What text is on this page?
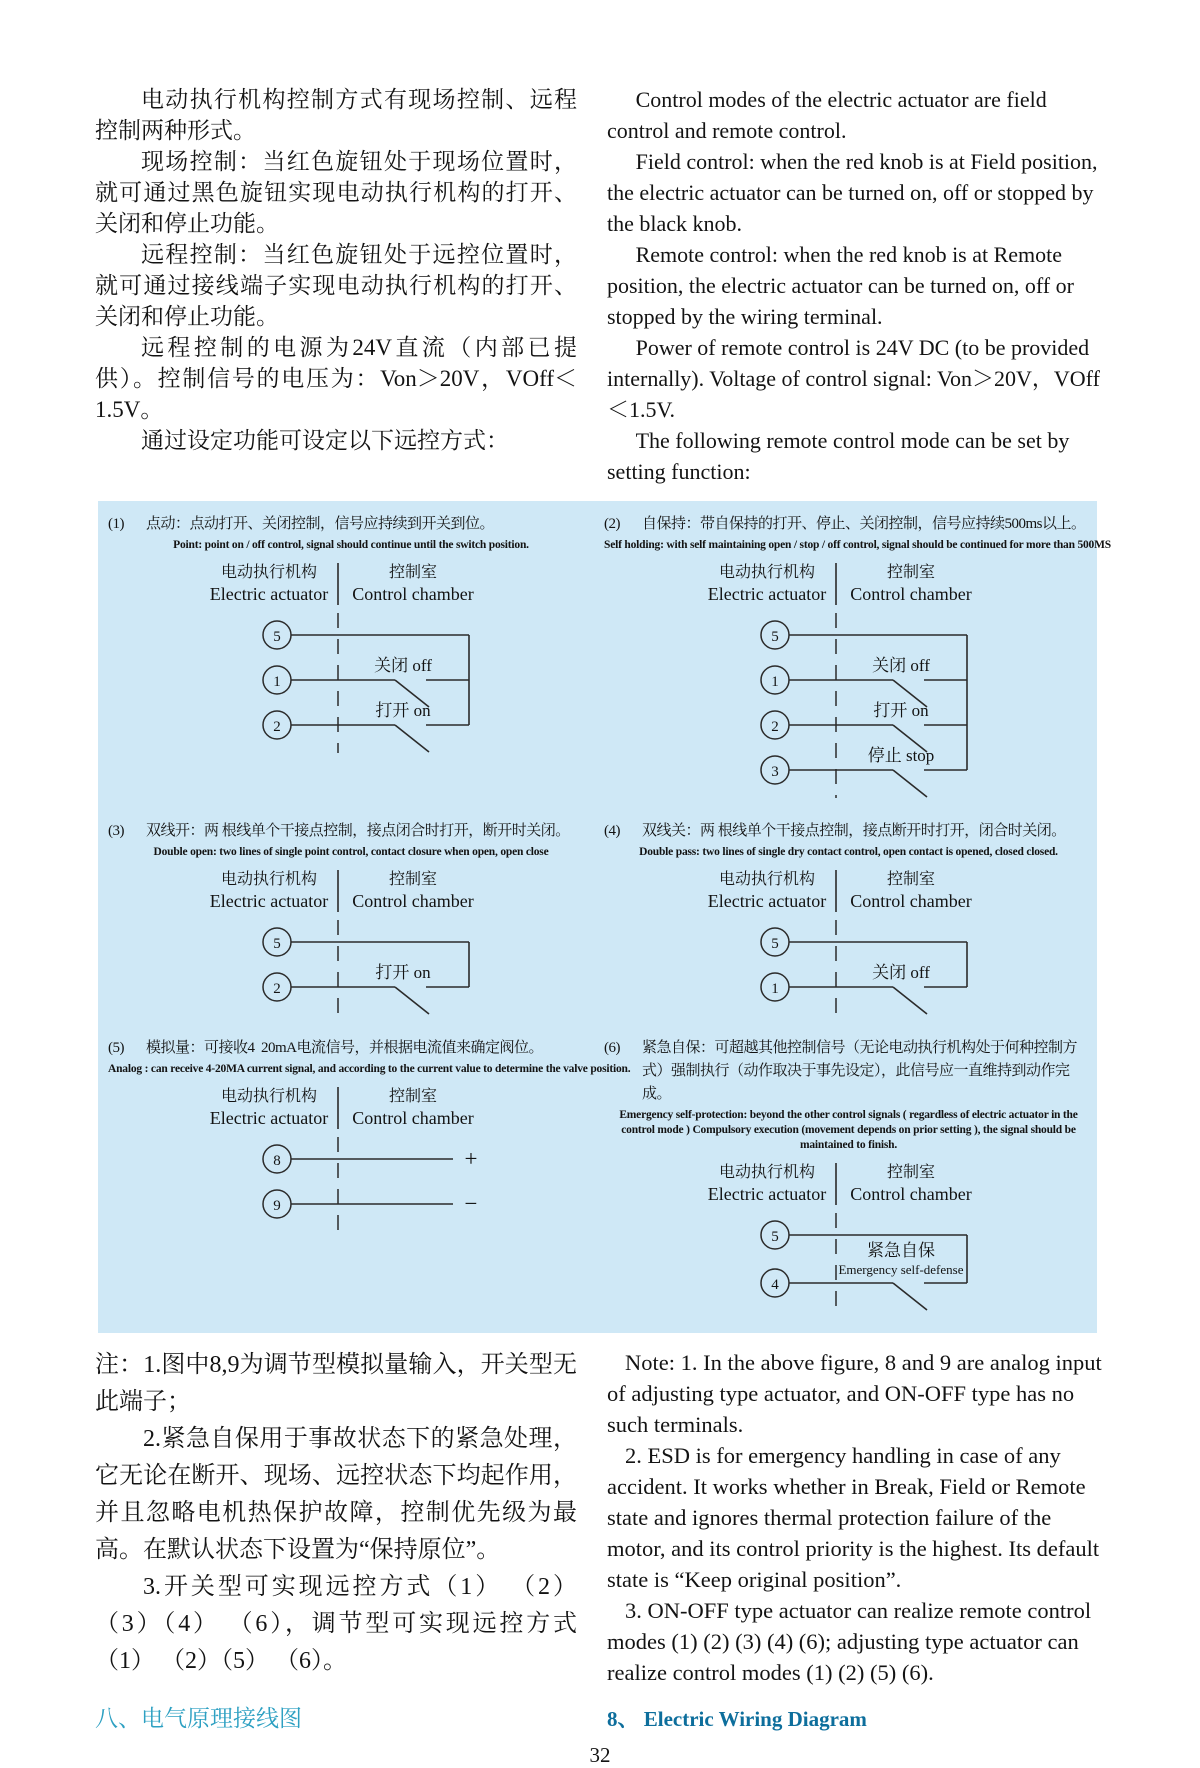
电动执行机构控制方式有现场控制、远程控制两种形式。

现场控制：当红色旋钮处于现场位置时，就可通过黑色旋钮实现电动执行机构的打开、关闭和停止功能。

远程控制：当红色旋钮处于远控位置时，就可通过接线端子实现电动执行机构的打开、关闭和停止功能。

远程控制的电源为24V直流（内部已提供）。控制信号的电压为：Von＞20V，VOff＜1.5V。

通过设定功能可设定以下远控方式：

Control modes of the electric actuator are field control and remote control.

Field control: when the red knob is at Field position, the electric actuator can be turned on, off or stopped by the black knob.

Remote control: when the red knob is at Remote position, the electric actuator can be turned on, off or stopped by the wiring terminal.

Power of remote control is 24V DC (to be provided internally). Voltage of control signal: Von＞20V，VOff＜1.5V.

The following remote control mode can be set by setting function:

(1)	点动：点动打开、关闭控制，信号应持续到开关到位。
Point: point on / off control, signal should continue until the switch position.
电动执行机构
Electric actuator
控制室
Control chamber
5
1
关闭 off
2
打开 on
(2)	自保持：带自保持的打开、停止、关闭控制，信号应持续500ms以上。
Self holding: with self maintaining open / stop / off control, signal should be continued for more than 500MS
电动执行机构
Electric actuator
控制室
Control chamber
5
1
关闭 off
2
打开 on
3
停止 stop
(3)	双线开：两 根线单个干接点控制，接点闭合时打开，断开时关闭。
Double open: two lines of single point control, contact closure when open, open close
电动执行机构
Electric actuator
控制室
Control chamber
5
2
打开 on
(4)	双线关：两 根线单个干接点控制，接点断开时打开，闭合时关闭。
Double pass: two lines of single dry contact control, open contact is opened, closed closed.
电动执行机构
Electric actuator
控制室
Control chamber
5
1
关闭 off
(5)	模拟量：可接收4  20mA电流信号，并根据电流值来确定阀位。
Analog : can receive 4-20MA current signal, and according to the current value to determine the valve position.
电动执行机构
Electric actuator
控制室
Control chamber
8	+
9	−
(6)	紧急自保：可超越其他控制信号（无论电动执行机构处于何种控制方式）强制执行（动作取决于事先设定），此信号应一直维持到动作完成。
Emergency self-protection: beyond the other control signals ( regardless of electric actuator in the control mode ) Compulsory execution (movement depends on prior setting ), the signal should be maintained to finish.
电动执行机构
Electric actuator
控制室
Control chamber
5
4
紧急自保
Emergency self-defense

注：1.图中8,9为调节型模拟量输入，开关型无此端子；

2.紧急自保用于事故状态下的紧急处理，它无论在断开、现场、远控状态下均起作用，并且忽略电机热保护故障，控制优先级为最高。在默认状态下设置为“保持原位”。

3.开关型可实现远控方式（1） （2） （3）（4） （6），调节型可实现远控方式（1） （2）（5） （6）。

Note: 1. In the above figure, 8 and 9 are analog input of adjusting type actuator, and ON-OFF type has no such terminals.

2. ESD is for emergency handling in case of any accident. It works whether in Break, Field or Remote state and ignores thermal protection failure of the motor, and its control priority is the highest. Its default state is “Keep original position”.

3. ON-OFF type actuator can realize remote control modes (1) (2) (3) (4) (6); adjusting type actuator can realize control modes (1) (2) (5) (6).

八、电气原理接线图	8、 Electric Wiring Diagram
32
